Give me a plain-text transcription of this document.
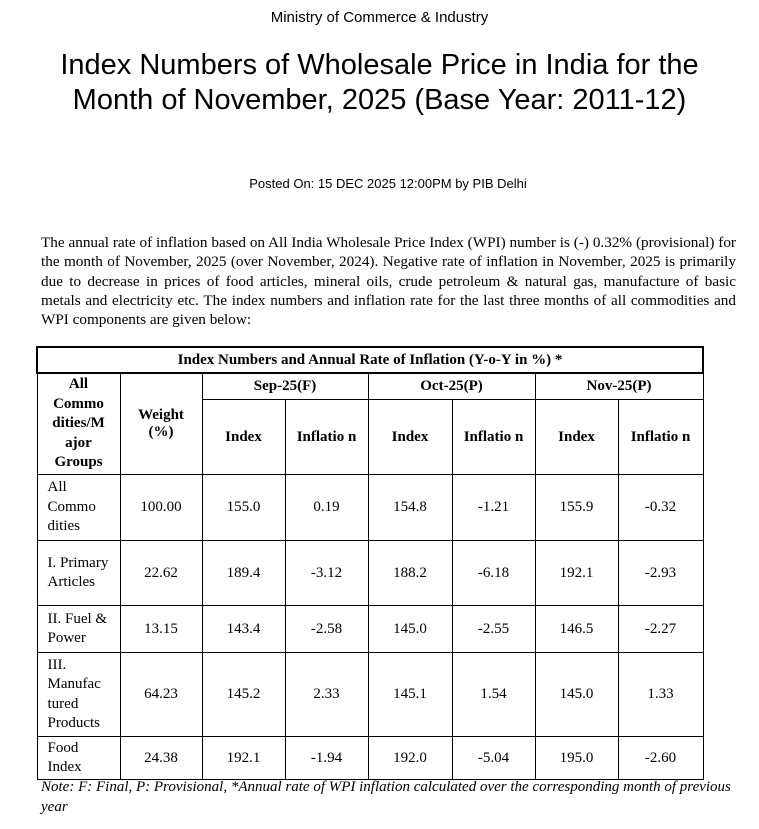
Ministry of Commerce & Industry
Index Numbers of Wholesale Price in India for the Month of November, 2025 (Base Year: 2011-12)
Posted On: 15 DEC 2025 12:00PM by PIB Delhi

The annual rate of inflation based on All India Wholesale Price Index (WPI) number is (-) 0.32% (provisional) for the month of November, 2025 (over November, 2024). Negative rate of inflation in November, 2025 is primarily due to decrease in prices of food articles, mineral oils, crude petroleum & natural gas, manufacture of basic metals and electricity etc. The index numbers and inflation rate for the last three months of all commodities and WPI components are given below:

Index Numbers and Annual Rate of Inflation (Y-o-Y in %) *							
All Commo dities/M ajor Groups	Weight (%)	Sep-25(F)		Oct-25(P)		Nov-25(P)	
		Index	Inflatio n	Index	Inflatio n	Index	Inflatio n
All Commo dities	100.00	155.0	0.19	154.8	-1.21	155.9	-0.32
I. Primary Articles	22.62	189.4	-3.12	188.2	-6.18	192.1	-2.93
II. Fuel & Power	13.15	143.4	-2.58	145.0	-2.55	146.5	-2.27
III. Manufac tured Products	64.23	145.2	2.33	145.1	1.54	145.0	1.33
Food Index	24.38	192.1	-1.94	192.0	-5.04	195.0	-2.60

Note: F: Final, P: Provisional, *Annual rate of WPI inflation calculated over the corresponding month of previous year
